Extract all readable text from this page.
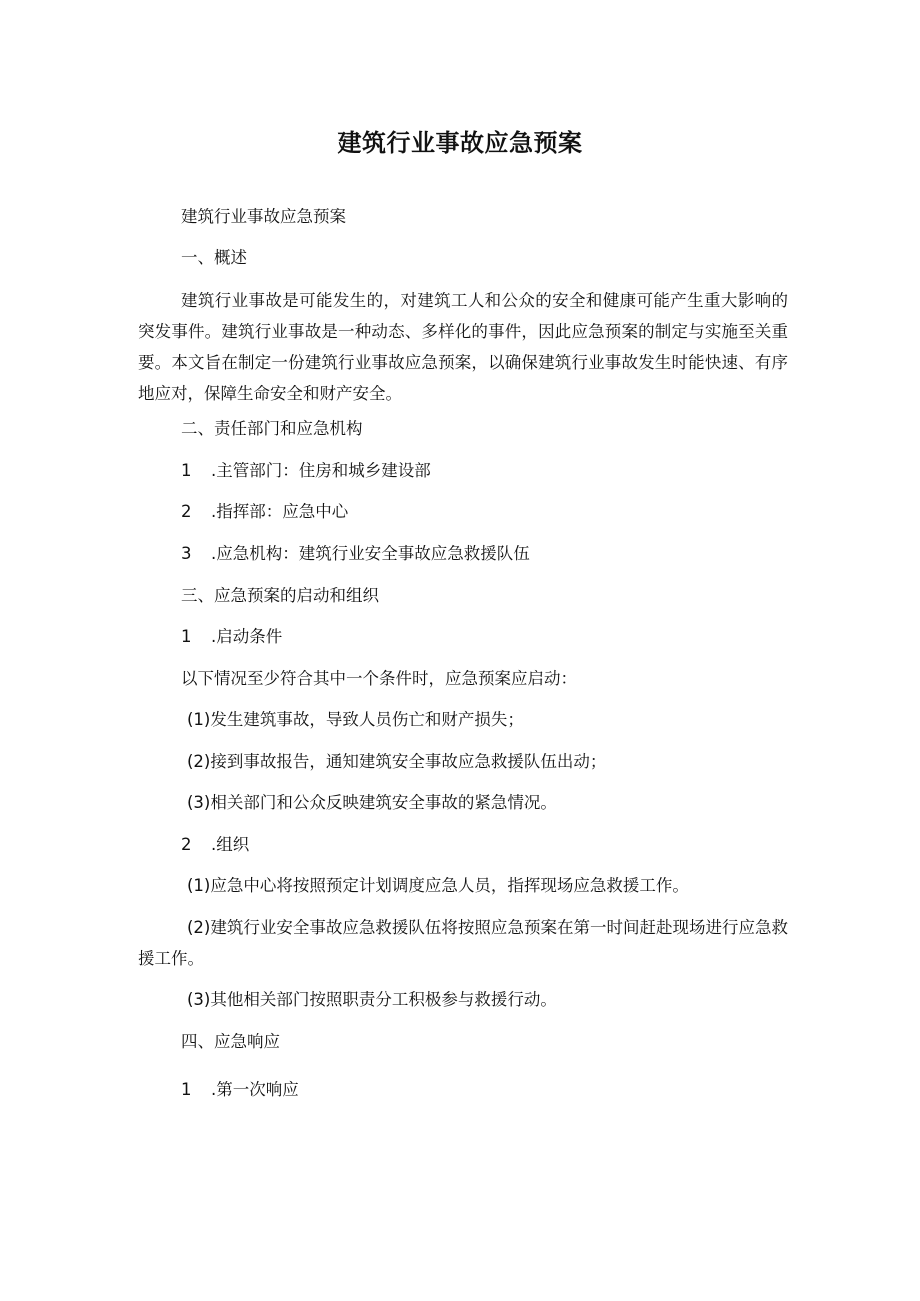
建筑行业事故应急预案
建筑行业事故应急预案
一、概述
建筑行业事故是可能发生的，对建筑工人和公众的安全和健康可能产生重大影响的突发事件。建筑行业事故是一种动态、多样化的事件，因此应急预案的制定与实施至关重要。本文旨在制定一份建筑行业事故应急预案，以确保建筑行业事故发生时能快速、有序地应对，保障生命安全和财产安全。
二、责任部门和应急机构
1 .主管部门：住房和城乡建设部
2 .指挥部：应急中心
3 .应急机构：建筑行业安全事故应急救援队伍
三、应急预案的启动和组织
1 .启动条件
以下情况至少符合其中一个条件时，应急预案应启动：
(1)发生建筑事故，导致人员伤亡和财产损失；
(2)接到事故报告，通知建筑安全事故应急救援队伍出动；
(3)相关部门和公众反映建筑安全事故的紧急情况。
2 .组织
(1)应急中心将按照预定计划调度应急人员，指挥现场应急救援工作。
(2)建筑行业安全事故应急救援队伍将按照应急预案在第一时间赶赴现场进行应急救援工作。
(3)其他相关部门按照职责分工积极参与救援行动。
四、应急响应
1 .第一次响应
